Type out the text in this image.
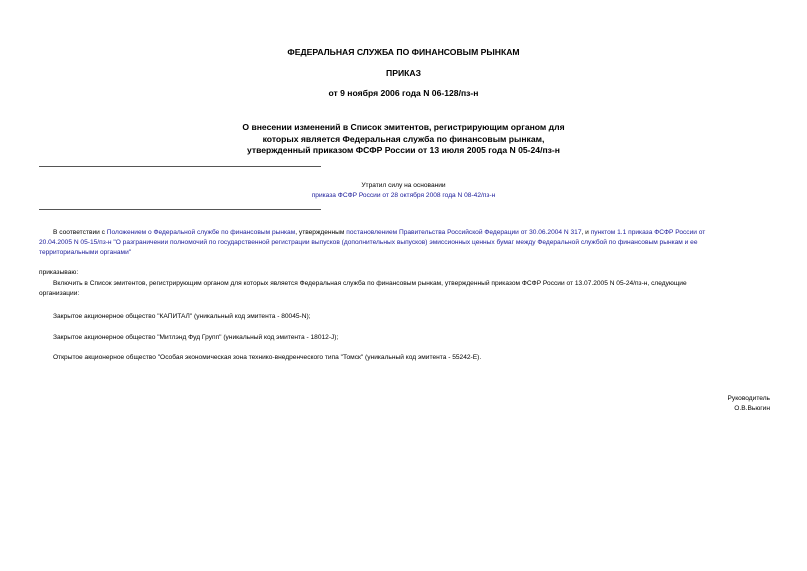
ФЕДЕРАЛЬНАЯ СЛУЖБА ПО ФИНАНСОВЫМ РЫНКАМ
ПРИКАЗ
от 9 ноября 2006 года N 06-128/пз-н
О внесении изменений в Список эмитентов, регистрирующим органом для
которых является Федеральная служба по финансовым рынкам,
утвержденный приказом ФСФР России от 13 июля 2005 года N 05-24/пз-н
Утратил силу на основании
приказа ФСФР России от 28 октября 2008 года N 08-42/пз-н
В соответствии с Положением о Федеральной службе по финансовым рынкам, утвержденным постановлением Правительства Российской Федерации от 30.06.2004 N 317, и пунктом 1.1 приказа ФСФР России от
20.04.2005 N 05-15/пз-н "О разграничении полномочий по государственной регистрации выпусков (дополнительных выпусков) эмиссионных ценных бумаг между Федеральной службой по финансовым рынкам и ее
территориальными органами"
приказываю:
Включить в Список эмитентов, регистрирующим органом для которых является Федеральная служба по финансовым рынкам, утвержденный приказом ФСФР России от 13.07.2005 N 05-24/пз-н, следующие
организации:
Закрытое акционерное общество "КАПИТАЛ" (уникальный код эмитента - 80045-N);
Закрытое акционерное общество "Митлэнд Фуд Групп" (уникальный код эмитента - 18012-J);
Открытое акционерное общество "Особая экономическая зона технико-внедренческого типа "Томск" (уникальный код эмитента - 55242-Е).
Руководитель
О.В.Вьюгин
